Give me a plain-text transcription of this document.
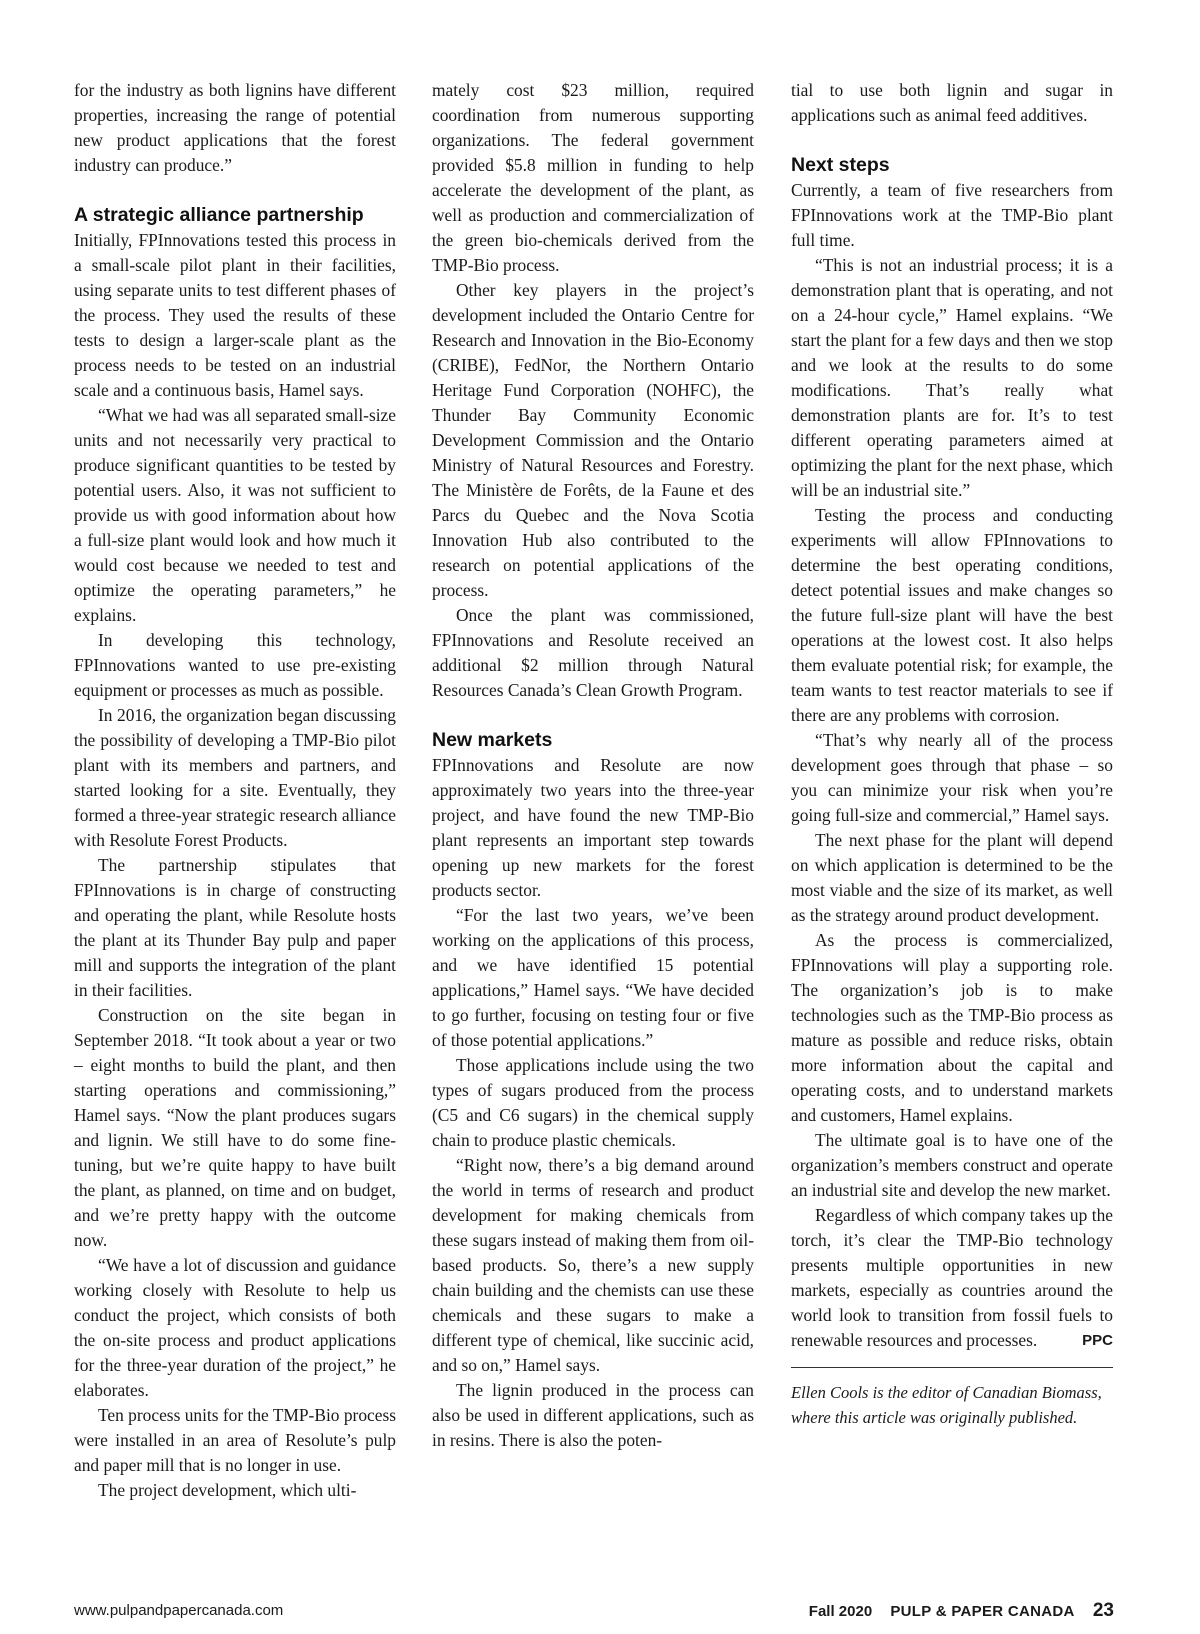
for the industry as both lignins have different properties, increasing the range of potential new product applications that the forest industry can produce.”

A strategic alliance partnership

Initially, FPInnovations tested this process in a small-scale pilot plant in their facilities, using separate units to test different phases of the process. They used the results of these tests to design a larger-scale plant as the process needs to be tested on an industrial scale and a continuous basis, Hamel says.

“What we had was all separated small-size units and not necessarily very practical to produce significant quantities to be tested by potential users. Also, it was not sufficient to provide us with good information about how a full-size plant would look and how much it would cost because we needed to test and optimize the operating parameters,” he explains.

In developing this technology, FPInnovations wanted to use pre-existing equipment or processes as much as possible.

In 2016, the organization began discussing the possibility of developing a TMP-Bio pilot plant with its members and partners, and started looking for a site. Eventually, they formed a three-year strategic research alliance with Resolute Forest Products.

The partnership stipulates that FPInnovations is in charge of constructing and operating the plant, while Resolute hosts the plant at its Thunder Bay pulp and paper mill and supports the integration of the plant in their facilities.

Construction on the site began in September 2018. “It took about a year or two – eight months to build the plant, and then starting operations and commissioning,” Hamel says. “Now the plant produces sugars and lignin. We still have to do some fine-tuning, but we’re quite happy to have built the plant, as planned, on time and on budget, and we’re pretty happy with the outcome now.

“We have a lot of discussion and guidance working closely with Resolute to help us conduct the project, which consists of both the on-site process and product applications for the three-year duration of the project,” he elaborates.

Ten process units for the TMP-Bio process were installed in an area of Resolute’s pulp and paper mill that is no longer in use.

The project development, which ulti-

mately cost $23 million, required coordination from numerous supporting organizations. The federal government provided $5.8 million in funding to help accelerate the development of the plant, as well as production and commercialization of the green bio-chemicals derived from the TMP-Bio process.

Other key players in the project’s development included the Ontario Centre for Research and Innovation in the Bio-Economy (CRIBE), FedNor, the Northern Ontario Heritage Fund Corporation (NOHFC), the Thunder Bay Community Economic Development Commission and the Ontario Ministry of Natural Resources and Forestry. The Ministère de Forêts, de la Faune et des Parcs du Quebec and the Nova Scotia Innovation Hub also contributed to the research on potential applications of the process.

Once the plant was commissioned, FPInnovations and Resolute received an additional $2 million through Natural Resources Canada’s Clean Growth Program.

New markets

FPInnovations and Resolute are now approximately two years into the three-year project, and have found the new TMP-Bio plant represents an important step towards opening up new markets for the forest products sector.

“For the last two years, we’ve been working on the applications of this process, and we have identified 15 potential applications,” Hamel says. “We have decided to go further, focusing on testing four or five of those potential applications.”

Those applications include using the two types of sugars produced from the process (C5 and C6 sugars) in the chemical supply chain to produce plastic chemicals.

“Right now, there’s a big demand around the world in terms of research and product development for making chemicals from these sugars instead of making them from oil-based products. So, there’s a new supply chain building and the chemists can use these chemicals and these sugars to make a different type of chemical, like succinic acid, and so on,” Hamel says.

The lignin produced in the process can also be used in different applications, such as in resins. There is also the poten-

tial to use both lignin and sugar in applications such as animal feed additives.

Next steps

Currently, a team of five researchers from FPInnovations work at the TMP-Bio plant full time.

“This is not an industrial process; it is a demonstration plant that is operating, and not on a 24-hour cycle,” Hamel explains. “We start the plant for a few days and then we stop and we look at the results to do some modifications. That’s really what demonstration plants are for. It’s to test different operating parameters aimed at optimizing the plant for the next phase, which will be an industrial site.”

Testing the process and conducting experiments will allow FPInnovations to determine the best operating conditions, detect potential issues and make changes so the future full-size plant will have the best operations at the lowest cost. It also helps them evaluate potential risk; for example, the team wants to test reactor materials to see if there are any problems with corrosion.

“That’s why nearly all of the process development goes through that phase – so you can minimize your risk when you’re going full-size and commercial,” Hamel says.

The next phase for the plant will depend on which application is determined to be the most viable and the size of its market, as well as the strategy around product development.

As the process is commercialized, FPInnovations will play a supporting role. The organization’s job is to make technologies such as the TMP-Bio process as mature as possible and reduce risks, obtain more information about the capital and operating costs, and to understand markets and customers, Hamel explains.

The ultimate goal is to have one of the organization’s members construct and operate an industrial site and develop the new market.

Regardless of which company takes up the torch, it’s clear the TMP-Bio technology presents multiple opportunities in new markets, especially as countries around the world look to transition from fossil fuels to renewable resources and processes.	PPC

Ellen Cools is the editor of Canadian Biomass, where this article was originally published.
www.pulpandpapercanada.com	Fall 2020 PULP & PAPER CANADA 23
